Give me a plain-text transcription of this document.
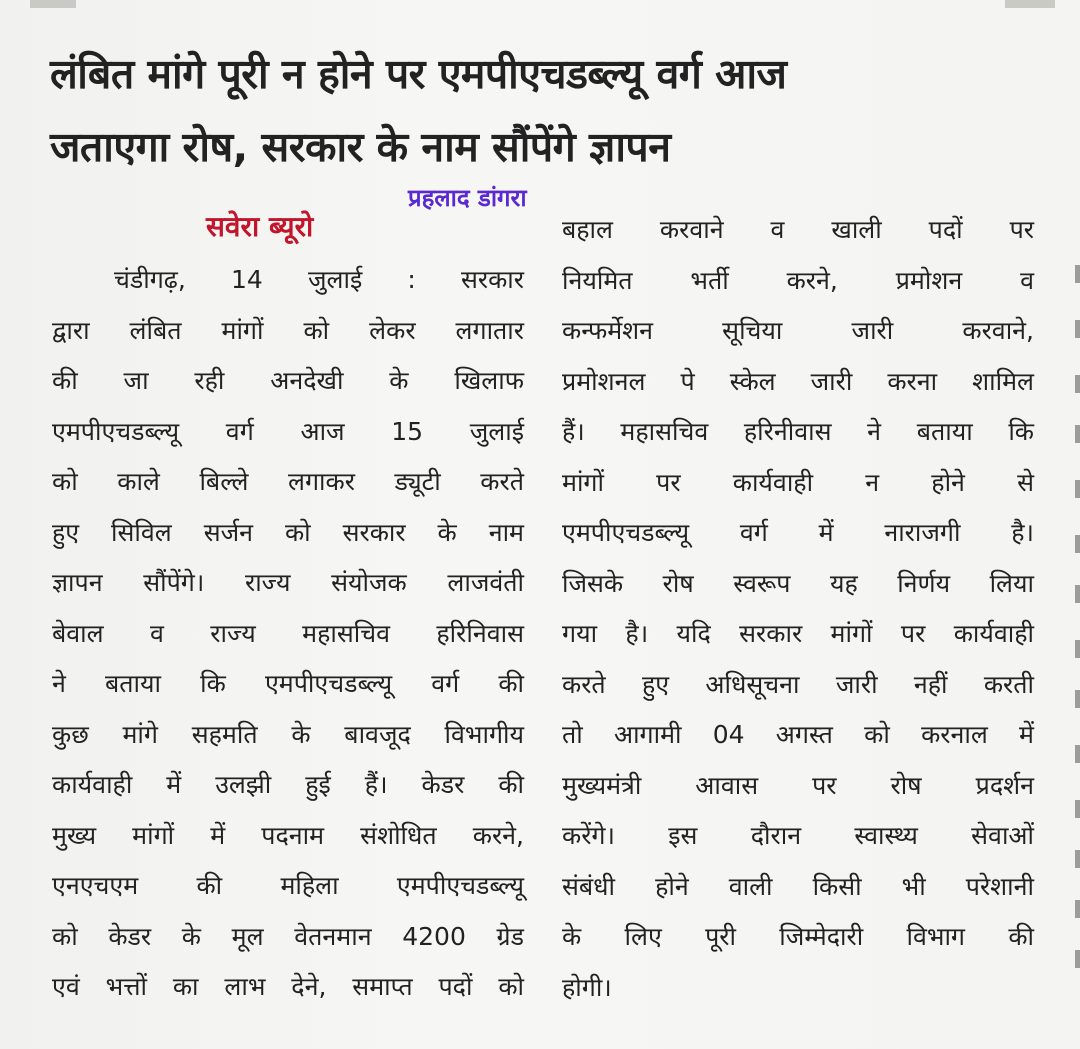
लंबित मांगे पूरी न होने पर एमपीएचडब्ल्यू वर्ग आज
जताएगा रोष, सरकार के नाम सौंपेंगे ज्ञापन
प्रहलाद डांगरा
सवेरा ब्यूरो
चंडीगढ़, 14 जुलाई : सरकार
द्वारा लंबित मांगों को लेकर लगातार
की जा रही अनदेखी के खिलाफ
एमपीएचडब्ल्यू वर्ग आज 15 जुलाई
को काले बिल्ले लगाकर ड्यूटी करते
हुए सिविल सर्जन को सरकार के नाम
ज्ञापन सौंपेंगे। राज्य संयोजक लाजवंती
बेवाल व राज्य महासचिव हरिनिवास
ने बताया कि एमपीएचडब्ल्यू वर्ग की
कुछ मांगे सहमति के बावजूद विभागीय
कार्यवाही में उलझी हुई हैं। केडर की
मुख्य मांगों में पदनाम संशोधित करने,
एनएचएम की महिला एमपीएचडब्ल्यू
को केडर के मूल वेतनमान 4200 ग्रेड
एवं भत्तों का लाभ देने, समाप्त पदों को
बहाल करवाने व खाली पदों पर
नियमित भर्ती करने, प्रमोशन व
कन्फर्मेशन सूचिया जारी करवाने,
प्रमोशनल पे स्केल जारी करना शामिल
हैं। महासचिव हरिनीवास ने बताया कि
मांगों पर कार्यवाही न होने से
एमपीएचडब्ल्यू वर्ग में नाराजगी है।
जिसके रोष स्वरूप यह निर्णय लिया
गया है। यदि सरकार मांगों पर कार्यवाही
करते हुए अधिसूचना जारी नहीं करती
तो आगामी 04 अगस्त को करनाल में
मुख्यमंत्री आवास पर रोष प्रदर्शन
करेंगे। इस दौरान स्वास्थ्य सेवाओं
संबंधी होने वाली किसी भी परेशानी
के लिए पूरी जिम्मेदारी विभाग की
होगी।
